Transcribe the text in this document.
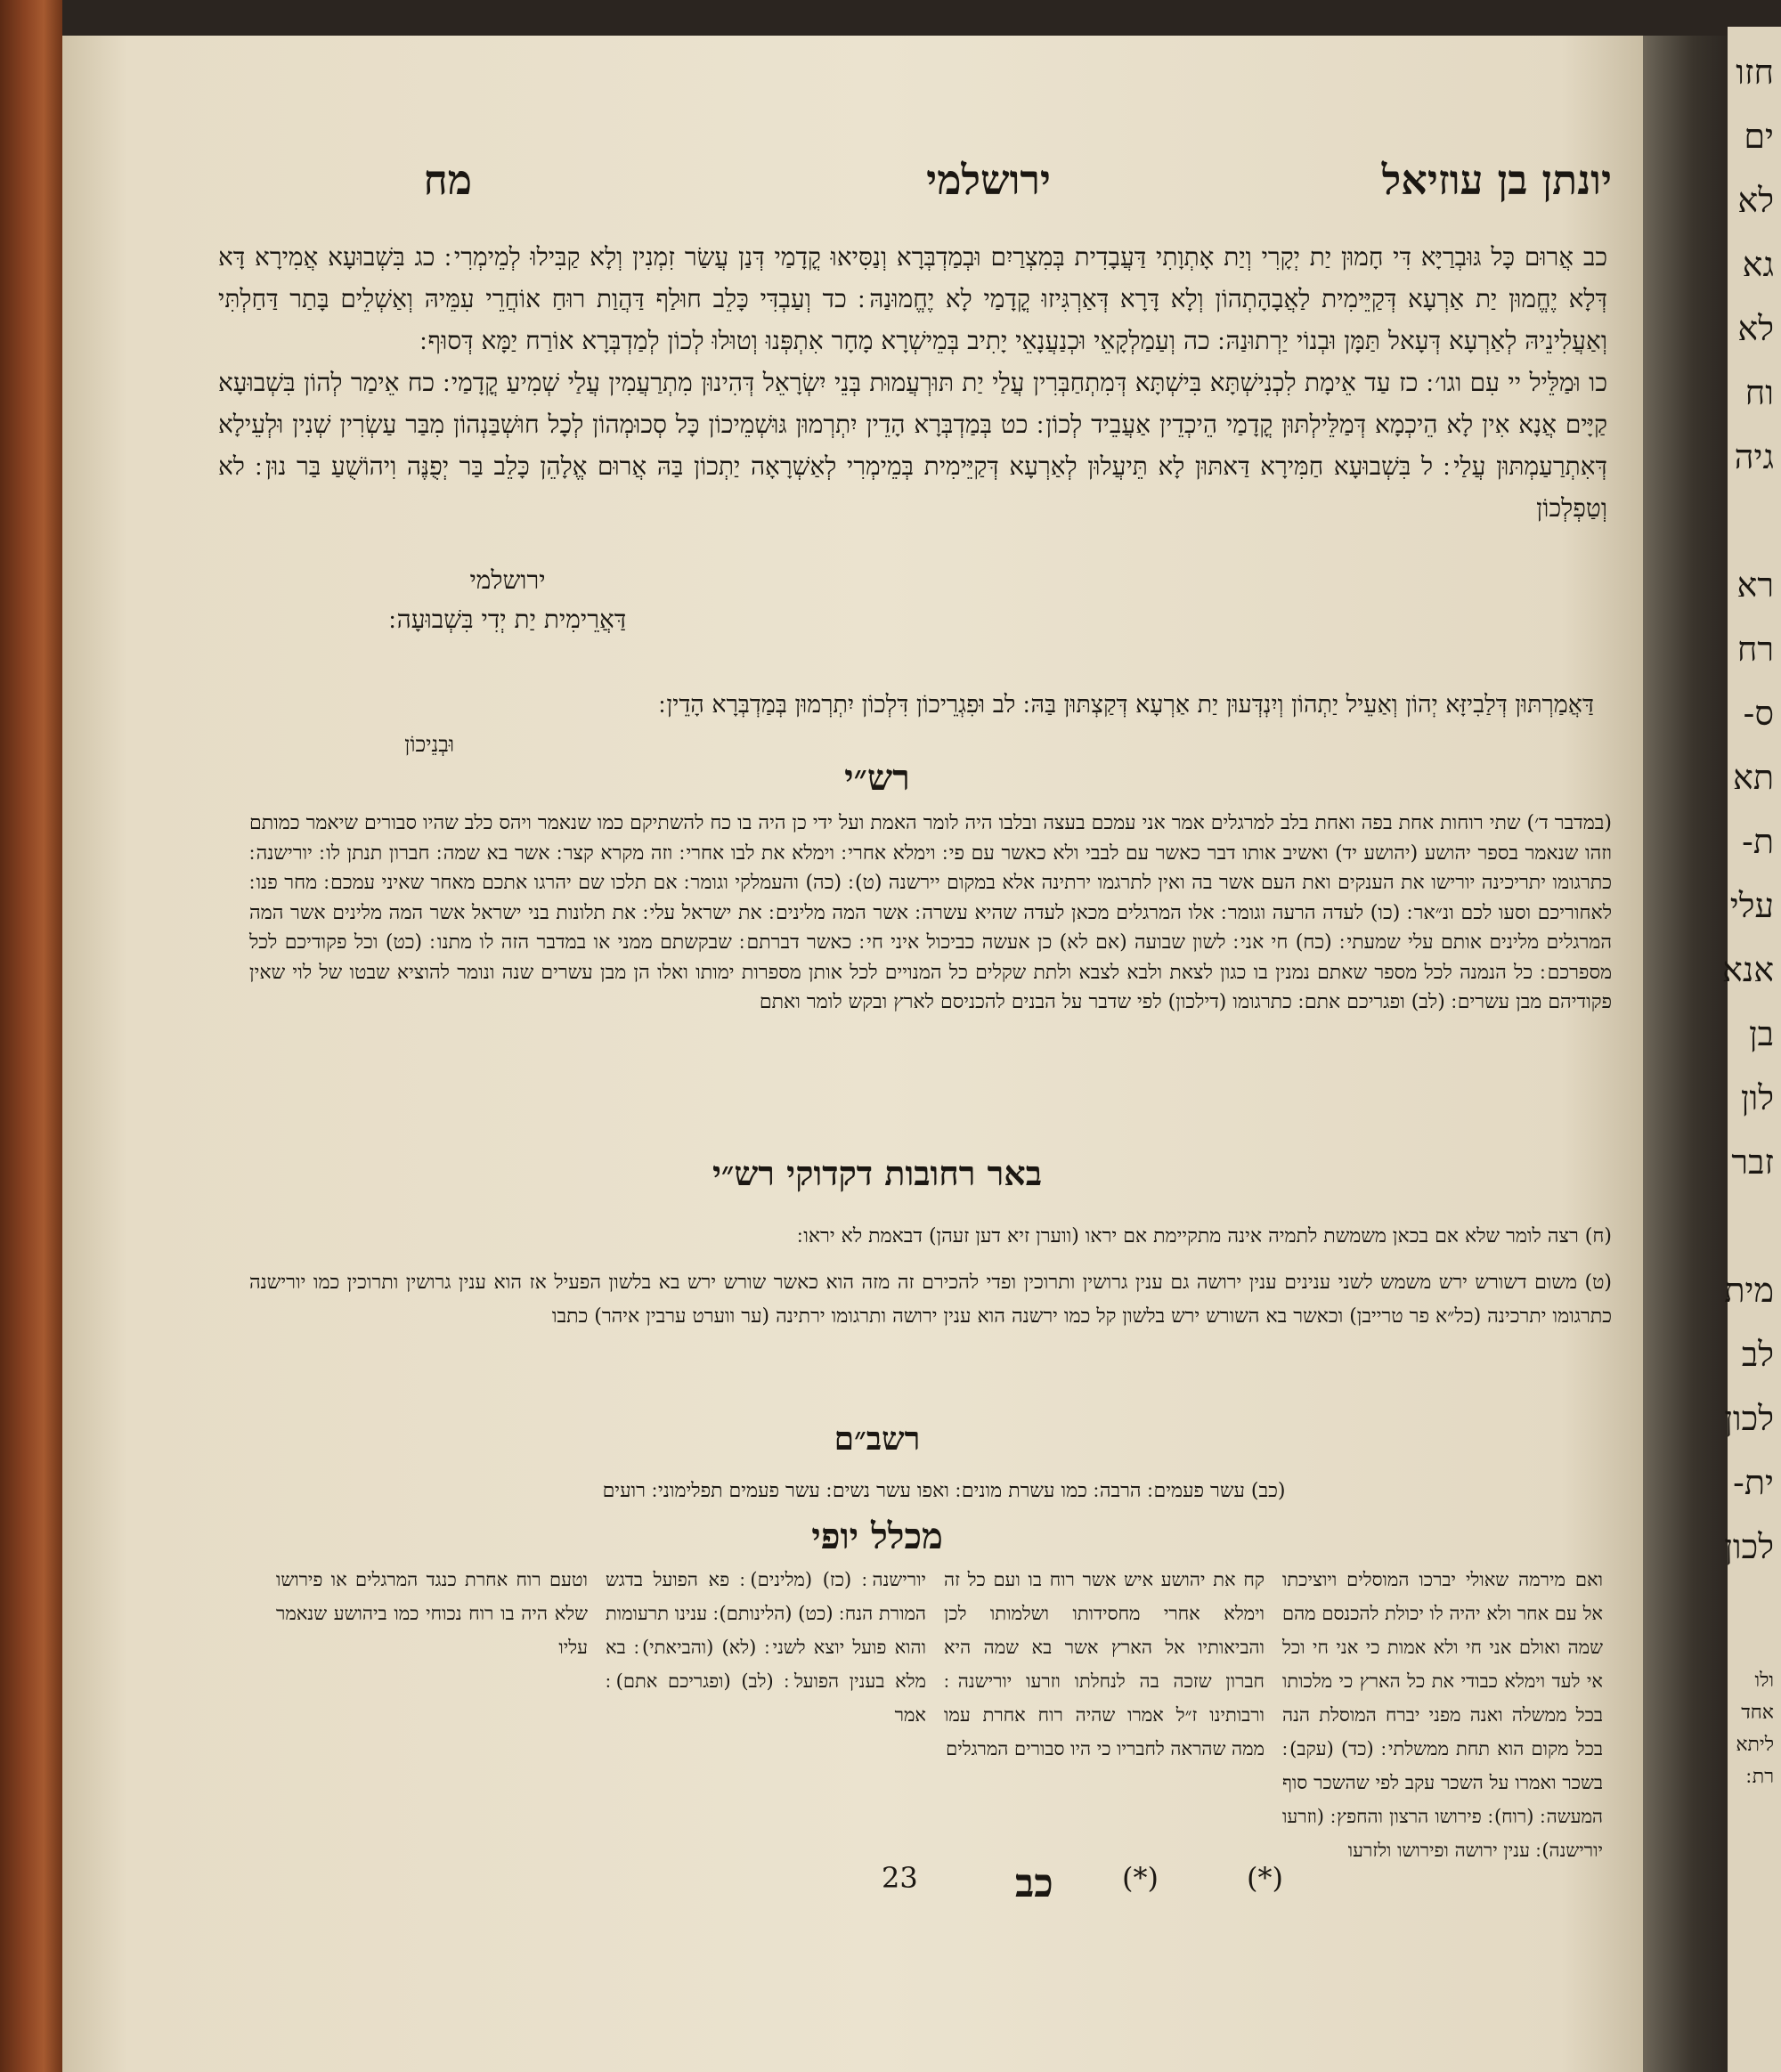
יונתן בן עוזיאל
ירושלמי
מח

כב אֲרוּם כָּל גּוּבְרַיָּא דִּי חָמוּן יַת יְקָרִי וְיַת אָתְוָתִי דַּעֲבָדִית בְּמִצְרַיִם וּבְמַדְבְּרָא וְנַסִּיאוּ קֳדָמַי דְּנַן עֲשַׂר זִמְנִין וְלָא קַבִּילוּ לְמֵימְרִי ׃ כג בִּשְׁבוּעָא אֲמִירָא דָּא דְּלָא יֶחֱמוּן יַת אַרְעָא דְּקַיֵּימִית לַאֲבָהָתְהוֹן וְלָא דָּרָא דְּאַרְגִּיזוּ קֳדָמַי לָא יֶחֱמוּנַהּ ׃ כד וְעַבְדִּי כָּלֵב חוּלַף דַּהֲוַת רוּחַ אוֹחֲרֵי עִמֵּיהּ וְאַשְׁלֵים בָּתַר דַּחַלְתִּי וְאַעֲלִינֵיהּ לְאַרְעָא דְּעָאל תַּמָּן וּבְנוֹי יַרְתוּנַהּ ׃ כה וְעַמַלְקָאֵי וּכְנַעֲנָאֵי יָתִיב בְּמֵישְׁרָא מָחָר אִתְפְּנוּ וְטוּלוּ לְכוֹן לְמַדְבְּרָא אוֹרַח יַמָּא דְּסוּף ׃

כו וּמַלֵּיל יי עִם וגו׳ ׃ כז עַד אֵימָת לִכְנִישְׁתָּא בִּישְׁתָּא דְּמִתְחַבְּרִין עֲלַי יַת תּוּרְעֲמוּת בְּנֵי יִשְׂרָאֵל דְּהִינוּן מִתְרַעֲמִין עֲלַי שְׁמִיעַ קֳדָמַי ׃ כח אֵימַר לְהוֹן בִּשְׁבוּעָא קַיָּים אֲנָא אִין לָא הֵיכְמָא דְּמַלֵּילְתּוּן קֳדָמַי הֵיכְדֵין אַעֲבֵיד לְכוֹן ׃ כט בְּמַדְבְּרָא הָדֵין יִתְרְמוּן גּוּשְׁמֵיכוֹן כָּל סְכוּמְהוֹן לְכָל חוּשְׁבַּנְהוֹן מִבַּר עַשְׂרִין שְׁנִין וּלְעֵילָא דְּאִתְרַעַמְתּוּן עֲלַי ׃ ל בִּשְׁבוּעָא חַמִּירָא דַּאתּוּן לָא תֵּיעֲלוּן לְאַרְעָא דְּקַיֵּימִית בְּמֵימְרִי לְאַשְׁרָאָה יַתְכוֹן בַּהּ אֲרוּם אֱלָהֵן כָּלֵב בַּר יְפֻנֶּה וִיהוֹשֻׁעַ בַּר נוּן ׃ לא וְטַפְלְכוֹן

ירושלמי
דַּאֲרֵימִית יַת יְדִי בִּשְׁבוּעָה ׃

דַּאֲמַרְתּוּן דְּלַבִיזָּא יְהוֹן וְאַעֵיל יַתְהוֹן וְיִנְדְּעוּן יַת אַרְעָא דְּקַצְתּוּן בַּהּ ׃ לב וּפִגְרֵיכוֹן דִּלְכוֹן יִתְרְמוּן בְּמַדְבְּרָא הָדֵין ׃

וּבְנֵיכוֹן

רש״י
(במדבר ד׳) שתי רוחות אחת בפה ואחת בלב למרגלים אמר אני עמכם בעצה ובלבו היה לומר האמת ועל ידי כן היה בו כח להשתיקם כמו שנאמר ויהס כלב שהיו סבורים שיאמר כמותם וזהו שנאמר בספר יהושע (יהושע יד) ואשיב אותו דבר כאשר עם לבבי ולא כאשר עם פי ׃ וימלא אחרי ׃ וימלא את לבו אחרי ׃ וזה מקרא קצר ׃ אשר בא שמה ׃ חברון תנתן לו ׃ יורישנה ׃ כתרגומו יתריכינה יורישו את הענקים ואת העם אשר בה ואין לתרגמו ירתינה אלא במקום יירשנה (ט) ׃ (כה) והעמלקי וגומר ׃ אם תלכו שם יהרגו אתכם מאחר שאיני עמכם ׃ מחר פנו ׃ לאחוריכם וסעו לכם ונ״אר ׃ (כו) לעדה הרעה וגומר ׃ אלו המרגלים מכאן לעדה שהיא עשרה ׃ אשר המה מלינים ׃ את ישראל עלי ׃ את תלונות בני ישראל אשר המה מלינים אשר המה המרגלים מלינים אותם עלי שמעתי ׃ (כח) חי אני ׃ לשון שבועה (אם לא) כן אעשה כביכול איני חי ׃ כאשר דברתם ׃ שבקשתם ממני או במדבר הזה לו מתנו ׃ (כט) וכל פקודיכם לכל מספרכם ׃ כל הנמנה לכל מספר שאתם נמנין בו כגון לצאת ולבא לצבא ולתת שקלים כל המנויים לכל אותן מספרות ימותו ואלו הן מבן עשרים שנה ונומר להוציא שבטו של לוי שאין פקודיהם מבן עשרים ׃ (לב) ופגריכם אתם ׃ כתרגומו (דילכון) לפי שדבר על הבנים להכניסם לארץ ובקש לומר ואתם
באר רחובות דקדוקי רש״י

(ח) רצה לומר שלא אם בכאן משמשת לתמיה אינה מתקיימת אם יראו (ווערן זיא דען זעהן) דבאמת לא יראו ׃

(ט) משום דשורש ירש משמש לשני ענינים ענין ירושה גם ענין גרושין ותרוכין ופדי להכירם זה מזה הוא כאשר שורש ירש בא בלשון הפעיל אז הוא ענין גרושין ותרוכין כמו יורישנה כתרגומו יתרכינה (כל״א פר טרייבן) וכאשר בא השורש ירש בלשון קל כמו ירשנה הוא ענין ירושה ותרגומו ירתינה (ער ווערט ערבין איהר) כתבו

רשב״ם
(כב) עשר פעמים ׃ הרבה ׃ כמו עשרת מונים ׃ ואפו עשר נשים ׃ עשר פעמים תפלימוני ׃ רועים
מכלל יופי
ואם מירמה שאולי יברכו המוסלים ויוציכתו אל עם אחר ולא יהיה לו יכולת להכנסם מהם שמה ואולם אני חי ולא אמות כי אני חי וכל אי לעד וימלא כבודי את כל הארץ כי מלכותו בכל ממשלה ואנה מפני יברח המוסלת הנה בכל מקום הוא תחת ממשלתי ׃ (כד) (עקב) ׃ בשכר ואמרו על השכר עקב לפי שהשכר סוף המעשה ׃ (רוח) ׃ פירושו הרצון והחפץ ׃ (וזרעו יורישנה) ׃ ענין ירושה ופירושו ולזרעו
קח את יהושע איש אשר רוח בו ועם כל זה וימלא אחרי מחסידותו ושלמותו לכן והביאותיו אל הארץ אשר בא שמה היא חברון שזכה בה לנחלתו וזרעו יורישנה ׃ ורבותינו ז״ל אמרו שהיה רוח אחרת עמו ממה שהראה לחבריו כי היו סבורים המרגלים
יורישנה ׃ (כז) (מלינים) ׃ פא הפועל בדגש המורת הנח ׃ (כט) (הלינותם) ׃ ענינו תרעומות והוא פועל יוצא לשני ׃ (לא) (והביאתי) ׃ בא מלא בענין הפועל ׃ (לב) (ופגריכם אתם) ׃ אמר
וטעם רוח אחרת כנגד המרגלים או פירושו שלא היה בו רוח נכוחי כמו ביהושע שנאמר עליו
23 כב (*)	(*)
חזו
ים
לא
גא
לא
וח
גיה

רא
רח
ס-
תא
ת-
עלי
אנא
בן
לון
זבר

מית
לב
לכון
ית-
לכון
ולו
אחד
ליתא
רת ׃
